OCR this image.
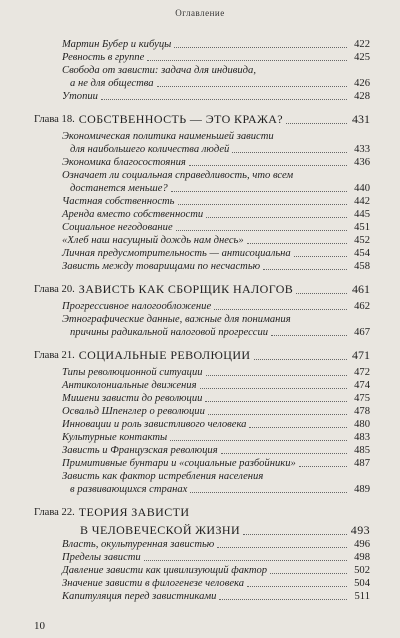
Оглавление
Мартин Бубер и кибуцы	422
Ревность в группе	425
Свобода от зависти: задача для индивида,
а не для общества	426
Утопии	428
Глава 18. СОБСТВЕННОСТЬ — ЭТО КРАЖА?	431
Экономическая политика наименьшей зависти
для наибольшего количества людей	433
Экономика благосостояния	436
Означает ли социальная справедливость, что всем
достанется меньше?	440
Частная собственность	442
Аренда вместо собственности	445
Социальное негодование	451
«Хлеб наш насущный дождь нам днесь»	452
Личная предусмотрительность — антисоциальна	454
Зависть между товарищами по несчастью	458
Глава 20. ЗАВИСТЬ КАК СБОРЩИК НАЛОГОВ	461
Прогрессивное налогообложение	462
Этнографические данные, важные для понимания
причины радикальной налоговой прогрессии	467
Глава 21. СОЦИАЛЬНЫЕ РЕВОЛЮЦИИ	471
Типы революционной ситуации	472
Антиколониальные движения	474
Мишени зависти до революции	475
Освальд Шпенглер о революции	478
Инновации и роль завистливого человека	480
Культурные контакты	483
Зависть и Французская революция	485
Примитивные бунтари и «социальные разбойники»	487
Зависть как фактор истребления населения
в развивающихся странах	489
Глава 22. ТЕОРИЯ ЗАВИСТИ
В ЧЕЛОВЕЧЕСКОЙ ЖИЗНИ	493
Власть, окультуренная завистью	496
Пределы зависти	498
Давление зависти как цивилизующий фактор	502
Значение зависти в филогенезе человека	504
Капитуляция перед завистниками	511
10
